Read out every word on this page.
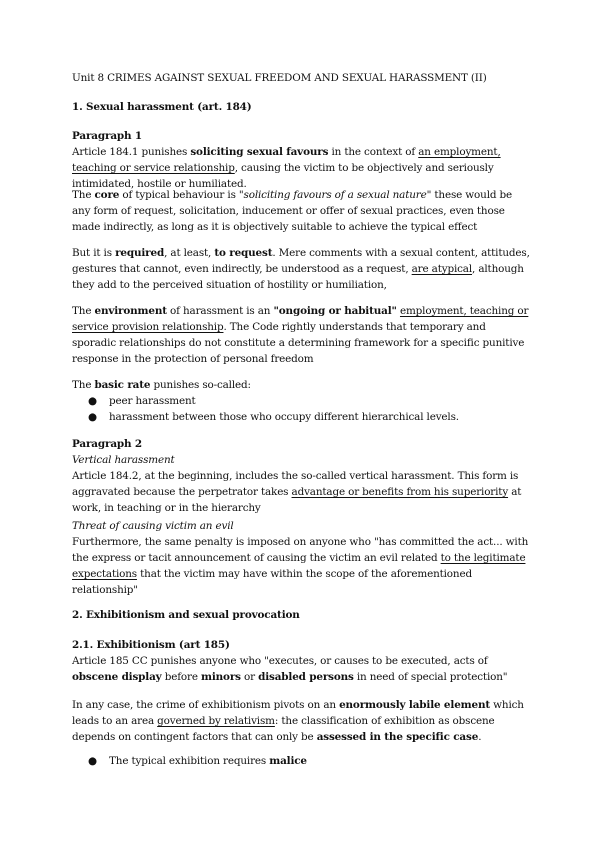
Unit 8 CRIMES AGAINST SEXUAL FREEDOM AND SEXUAL HARASSMENT (II)
1. Sexual harassment (art. 184)
Paragraph 1
Article 184.1 punishes soliciting sexual favours in the context of an employment, teaching or service relationship, causing the victim to be objectively and seriously intimidated, hostile or humiliated.
The core of typical behaviour is "soliciting favours of a sexual nature" these would be any form of request, solicitation, inducement or offer of sexual practices, even those made indirectly, as long as it is objectively suitable to achieve the typical effect
But it is required, at least, to request. Mere comments with a sexual content, attitudes, gestures that cannot, even indirectly, be understood as a request, are atypical, although they add to the perceived situation of hostility or humiliation,
The environment of harassment is an "ongoing or habitual" employment, teaching or service provision relationship. The Code rightly understands that temporary and sporadic relationships do not constitute a determining framework for a specific punitive response in the protection of personal freedom
The basic rate punishes so-called:
● peer harassment
● harassment between those who occupy different hierarchical levels.
Paragraph 2
Vertical harassment
Article 184.2, at the beginning, includes the so-called vertical harassment. This form is aggravated because the perpetrator takes advantage or benefits from his superiority at work, in teaching or in the hierarchy
Threat of causing victim an evil
Furthermore, the same penalty is imposed on anyone who "has committed the act... with the express or tacit announcement of causing the victim an evil related to the legitimate expectations that the victim may have within the scope of the aforementioned relationship"
2. Exhibitionism and sexual provocation
2.1. Exhibitionism (art 185)
Article 185 CC punishes anyone who "executes, or causes to be executed, acts of obscene display before minors or disabled persons in need of special protection"
In any case, the crime of exhibitionism pivots on an enormously labile element which leads to an area governed by relativism: the classification of exhibition as obscene depends on contingent factors that can only be assessed in the specific case.
● The typical exhibition requires malice
